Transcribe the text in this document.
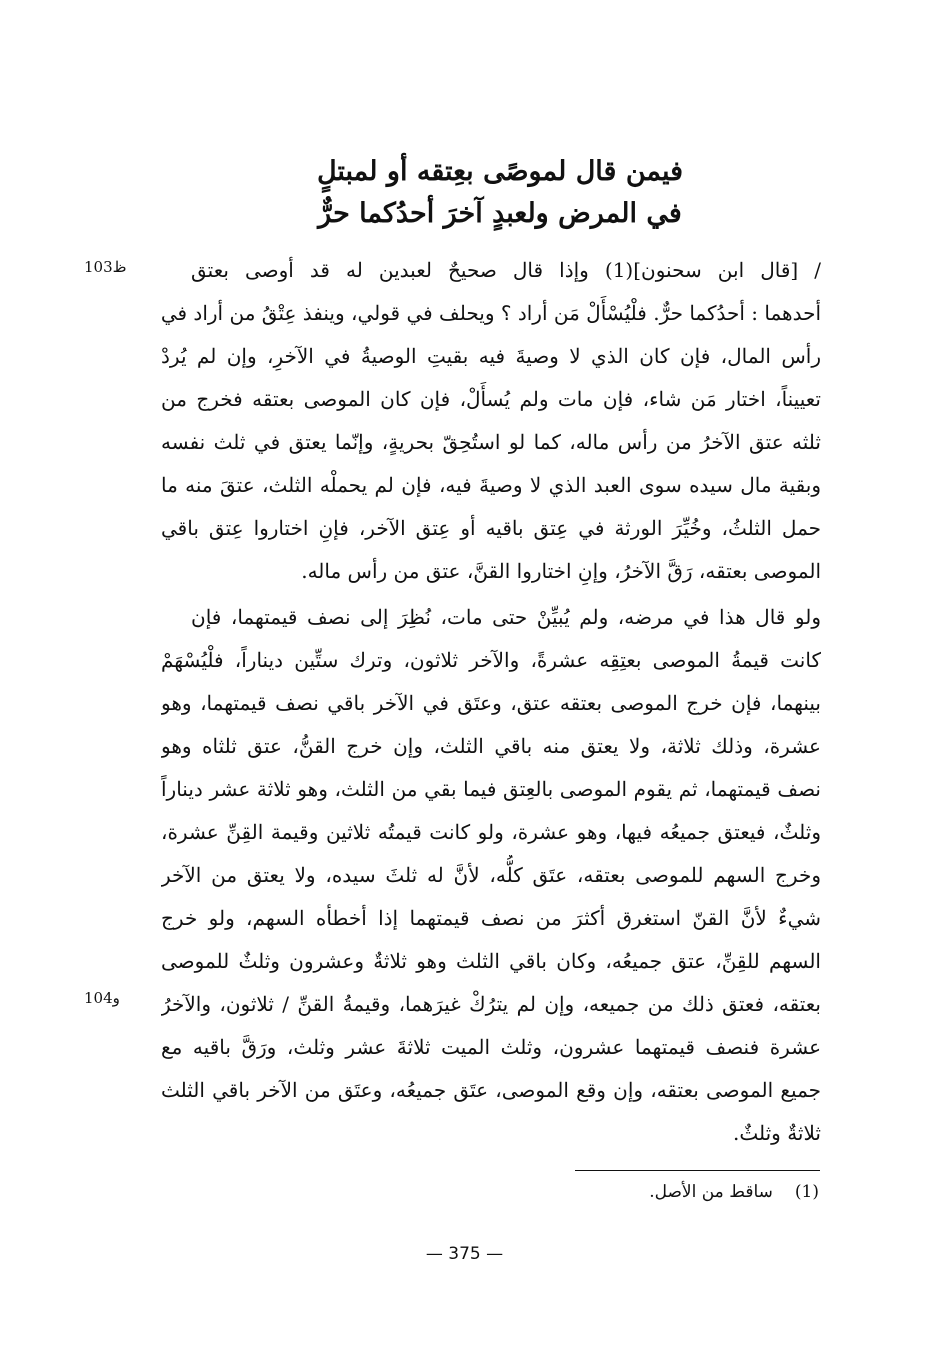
فيمن قال لموصًى بعِتقه أو لمبتلٍ
في المرض ولعبدٍ آخرَ أحدُكما حرٌّ
ظ103
و104
/ [قال ابن سحنون](1) وإذا قال صحيحٌ لعبدين له قد أوصى بعتق
أحدهما : أحدُكما حرٌّ. فلْيُسْأَلْ مَن أراد ؟ ويحلف في قولي، وينفذ عِتْقُ من أراد في
رأس المال، فإن كان الذي لا وصيةَ فيه بقيتِ الوصيةُ في الآخرِ، وإن لم يُردْ
تعييناً، اختار مَن شاء، فإن مات ولم يُسأَلْ، فإن كان الموصى بعتقه فخرج من
ثلثه عتق الآخرُ من رأس ماله، كما لو استُحِقّ بحريةٍ، وإنّما يعتق في ثلث نفسه
وبقية مال سيده سوى العبد الذي لا وصيةَ فيه، فإن لم يحملْه الثلث، عتقَ منه ما
حمل الثلثُ، وخُيِّرَ الورثة في عِتق باقيه أو عِتق الآخر، فإنِ اختاروا عِتق باقي
الموصى بعتقه، رَقَّ الآخرُ، وإنِ اختاروا القنَّ، عتق من رأس ماله.
ولو قال هذا في مرضه، ولم يُبيِّنْ حتى مات، نُظِرَ إلى نصف قيمتهما، فإن
كانت قيمةُ الموصى بعتِقِه عشرةً، والآخر ثلاثون، وترك ستِّين ديناراً، فلْيُسْهَمْ
بينهما، فإن خرج الموصى بعتقه عتق، وعتَق في الآخر باقي نصف قيمتهما، وهو
عشرة، وذلك ثلاثة، ولا يعتق منه باقي الثلث، وإن خرج القنُّ، عتق ثلثاه وهو
نصف قيمتهما، ثم يقوم الموصى بالعِتق فيما بقي من الثلث، وهو ثلاثة عشر ديناراً
وثلثٌ، فيعتق جميعُه فيها، وهو عشرة، ولو كانت قيمتُه ثلاثين وقيمة القِنِّ عشرة،
وخرج السهم للموصى بعتقه، عتَق كلُّه، لأنَّ له ثلثَ سيده، ولا يعتق من الآخر
شيءٌ لأنَّ القنّ استغرق أكثرَ من نصف قيمتهما إذا أخطأه السهم، ولو خرج
السهم للقِنِّ، عتق جميعُه، وكان باقي الثلث وهو ثلاثةٌ وعشرون وثلثٌ للموصى
بعتقه، فعتق ذلك من جميعه، وإن لم يترُكْ غيرَهما، وقيمةُ القنِّ / ثلاثون، والآخرُ
عشرة فنصف قيمتهما عشرون، وثلث الميت ثلاثةَ عشر وثلث، ورَقَّ باقيه مع
جميع الموصى بعتقه، وإن وقع الموصى، عتَق جميعُه، وعتَق من الآخر باقي الثلث
ثلاثةٌ وثلثٌ.
(1)ساقط من الأصل.
— 375 —
